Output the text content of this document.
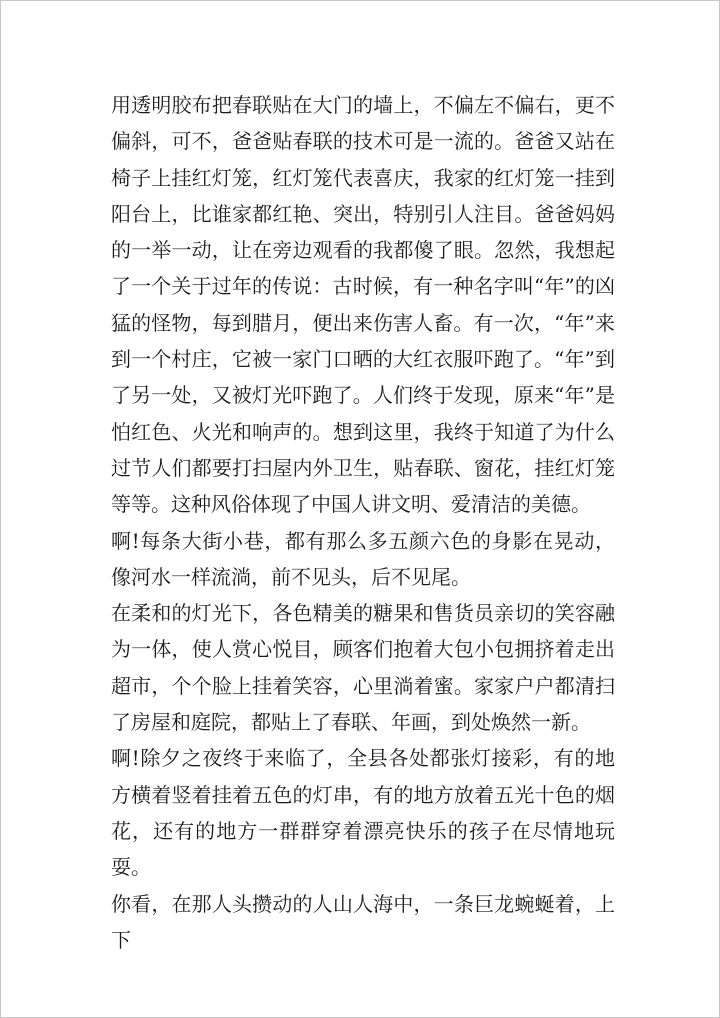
用透明胶布把春联贴在大门的墙上，不偏左不偏右，更不偏斜，可不，爸爸贴春联的技术可是一流的。爸爸又站在椅子上挂红灯笼，红灯笼代表喜庆，我家的红灯笼一挂到阳台上，比谁家都红艳、突出，特别引人注目。爸爸妈妈的一举一动，让在旁边观看的我都傻了眼。忽然，我想起了一个关于过年的传说：古时候，有一种名字叫“年”的凶猛的怪物，每到腊月，便出来伤害人畜。有一次，“年”来到一个村庄，它被一家门口晒的大红衣服吓跑了。“年”到了另一处，又被灯光吓跑了。人们终于发现，原来“年”是怕红色、火光和响声的。想到这里，我终于知道了为什么过节人们都要打扫屋内外卫生，贴春联、窗花，挂红灯笼等等。这种风俗体现了中国人讲文明、爱清洁的美德。

啊!每条大街小巷，都有那么多五颜六色的身影在晃动，像河水一样流淌，前不见头，后不见尾。

在柔和的灯光下，各色精美的糖果和售货员亲切的笑容融为一体，使人赏心悦目，顾客们抱着大包小包拥挤着走出超市，个个脸上挂着笑容，心里淌着蜜。家家户户都清扫了房屋和庭院，都贴上了春联、年画，到处焕然一新。

啊!除夕之夜终于来临了，全县各处都张灯接彩，有的地方横着竖着挂着五色的灯串，有的地方放着五光十色的烟花，还有的地方一群群穿着漂亮快乐的孩子在尽情地玩耍。

你看，在那人头攒动的人山人海中，一条巨龙蜿蜒着，上下
